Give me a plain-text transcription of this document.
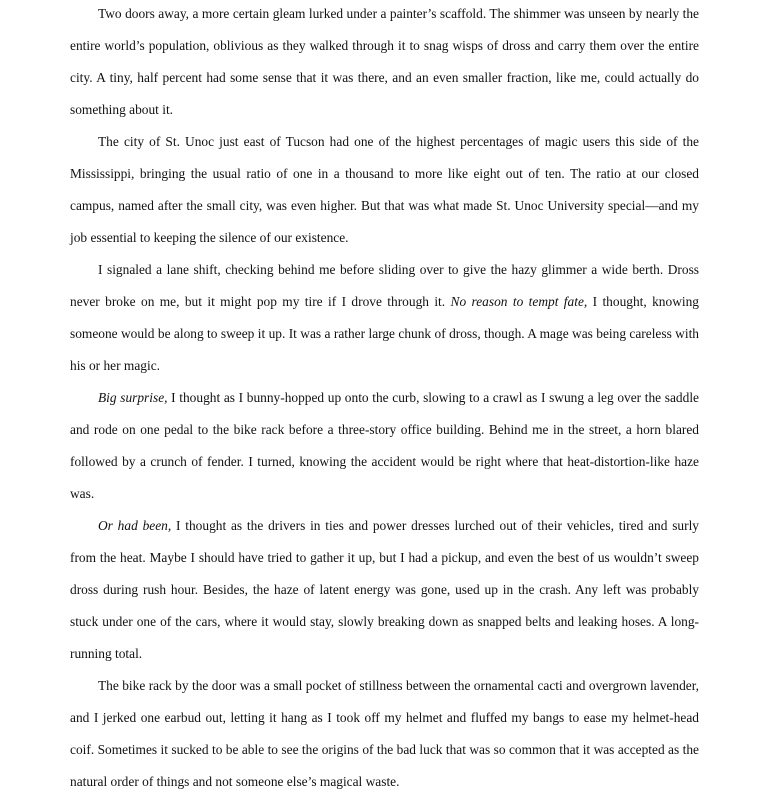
Two doors away, a more certain gleam lurked under a painter’s scaffold. The shimmer was unseen by nearly the entire world’s population, oblivious as they walked through it to snag wisps of dross and carry them over the entire city. A tiny, half percent had some sense that it was there, and an even smaller fraction, like me, could actually do something about it.

The city of St. Unoc just east of Tucson had one of the highest percentages of magic users this side of the Mississippi, bringing the usual ratio of one in a thousand to more like eight out of ten. The ratio at our closed campus, named after the small city, was even higher. But that was what made St. Unoc University special—and my job essential to keeping the silence of our existence.

I signaled a lane shift, checking behind me before sliding over to give the hazy glimmer a wide berth. Dross never broke on me, but it might pop my tire if I drove through it. No reason to tempt fate, I thought, knowing someone would be along to sweep it up. It was a rather large chunk of dross, though. A mage was being careless with his or her magic.

Big surprise, I thought as I bunny-hopped up onto the curb, slowing to a crawl as I swung a leg over the saddle and rode on one pedal to the bike rack before a three-story office building. Behind me in the street, a horn blared followed by a crunch of fender. I turned, knowing the accident would be right where that heat-distortion-like haze was.

Or had been, I thought as the drivers in ties and power dresses lurched out of their vehicles, tired and surly from the heat. Maybe I should have tried to gather it up, but I had a pickup, and even the best of us wouldn’t sweep dross during rush hour. Besides, the haze of latent energy was gone, used up in the crash. Any left was probably stuck under one of the cars, where it would stay, slowly breaking down as snapped belts and leaking hoses. A long-running total.

The bike rack by the door was a small pocket of stillness between the ornamental cacti and overgrown lavender, and I jerked one earbud out, letting it hang as I took off my helmet and fluffed my bangs to ease my helmet-head coif. Sometimes it sucked to be able to see the origins of the bad luck that was so common that it was accepted as the natural order of things and not someone else’s magical waste.
